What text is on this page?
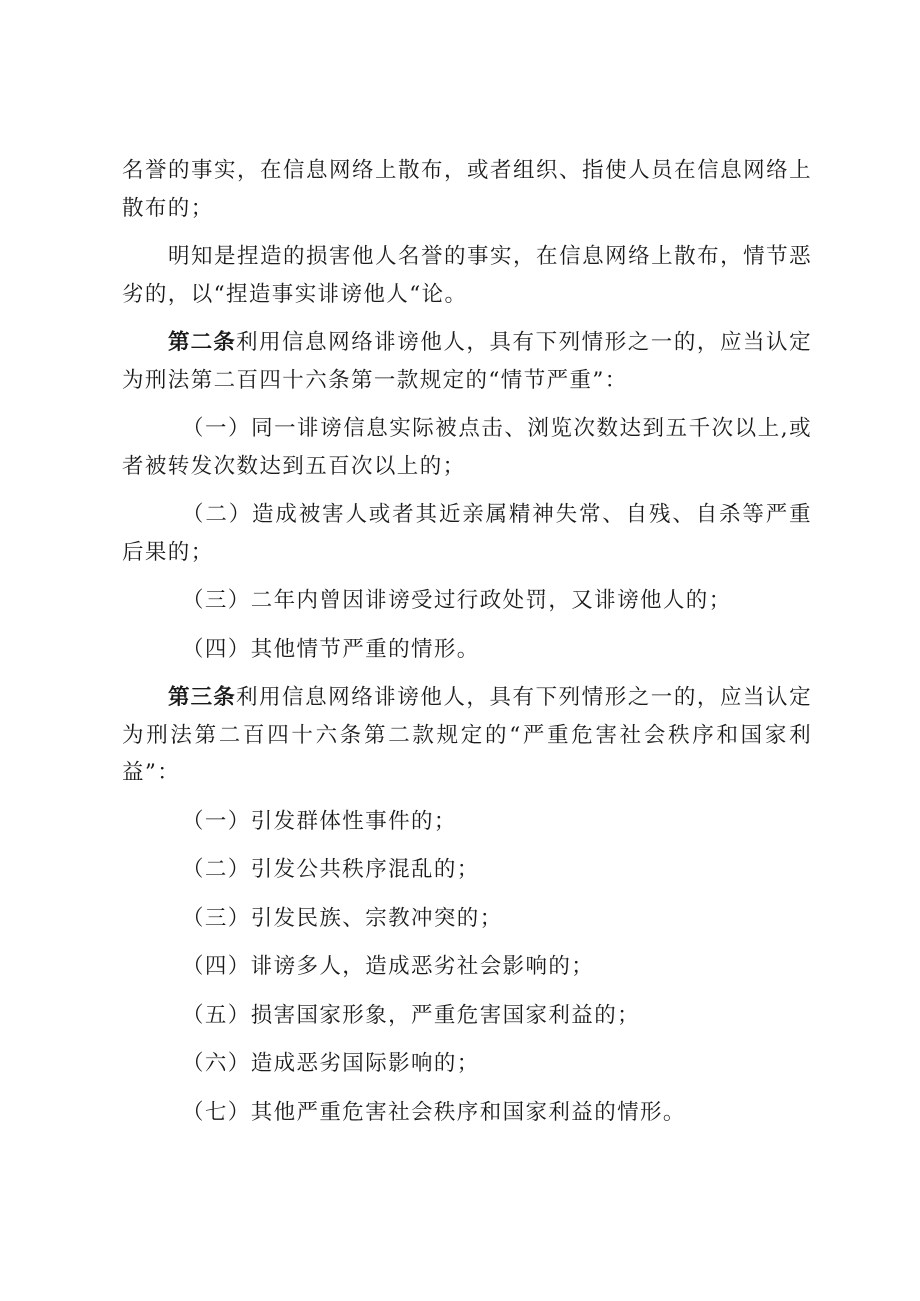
名誉的事实，在信息网络上散布，或者组织、指使人员在信息网络上散布的；

明知是捏造的损害他人名誉的事实，在信息网络上散布，情节恶劣的，以“捏造事实诽谤他人“论。

第二条利用信息网络诽谤他人，具有下列情形之一的，应当认定为刑法第二百四十六条第一款规定的“情节严重”：

（一）同一诽谤信息实际被点击、浏览次数达到五千次以上,或者被转发次数达到五百次以上的；

（二）造成被害人或者其近亲属精神失常、自残、自杀等严重后果的；

（三）二年内曾因诽谤受过行政处罚，又诽谤他人的；

（四）其他情节严重的情形。

第三条利用信息网络诽谤他人，具有下列情形之一的，应当认定为刑法第二百四十六条第二款规定的“严重危害社会秩序和国家利益”：

（一）引发群体性事件的；

（二）引发公共秩序混乱的；

（三）引发民族、宗教冲突的；

（四）诽谤多人，造成恶劣社会影响的；

（五）损害国家形象，严重危害国家利益的；

（六）造成恶劣国际影响的；

（七）其他严重危害社会秩序和国家利益的情形。
